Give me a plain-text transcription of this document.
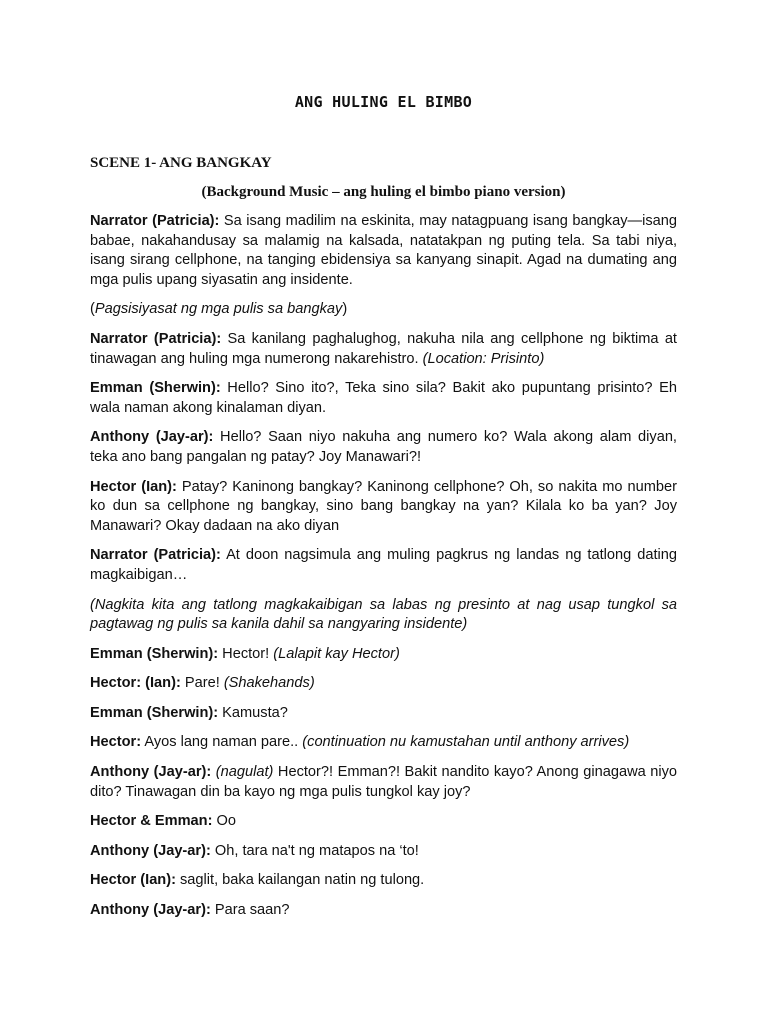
ANG HULING EL BIMBO
SCENE 1- ANG BANGKAY
(Background Music – ang huling el bimbo piano version)

Narrator (Patricia): Sa isang madilim na eskinita, may natagpuang isang bangkay—isang babae, nakahandusay sa malamig na kalsada, natatakpan ng puting tela. Sa tabi niya, isang sirang cellphone, na tanging ebidensiya sa kanyang sinapit. Agad na dumating ang mga pulis upang siyasatin ang insidente.

(Pagsisiyasat ng mga pulis sa bangkay)

Narrator (Patricia): Sa kanilang paghalughog, nakuha nila ang cellphone ng biktima at tinawagan ang huling mga numerong nakarehistro. (Location: Prisinto)

Emman (Sherwin): Hello? Sino ito?, Teka sino sila? Bakit ako pupuntang prisinto? Eh wala naman akong kinalaman diyan.

Anthony (Jay-ar): Hello? Saan niyo nakuha ang numero ko? Wala akong alam diyan, teka ano bang pangalan ng patay? Joy Manawari?!

Hector (Ian): Patay? Kaninong bangkay? Kaninong cellphone? Oh, so nakita mo number ko dun sa cellphone ng bangkay, sino bang bangkay na yan? Kilala ko ba yan? Joy Manawari? Okay dadaan na ako diyan

Narrator (Patricia): At doon nagsimula ang muling pagkrus ng landas ng tatlong dating magkaibigan…

(Nagkita kita ang tatlong magkakaibigan sa labas ng presinto at nag usap tungkol sa pagtawag ng pulis sa kanila dahil sa nangyaring insidente)

Emman (Sherwin): Hector! (Lalapit kay Hector)

Hector: (Ian): Pare! (Shakehands)

Emman (Sherwin): Kamusta?

Hector: Ayos lang naman pare.. (continuation nu kamustahan until anthony arrives)

Anthony (Jay-ar): (nagulat) Hector?! Emman?! Bakit nandito kayo? Anong ginagawa niyo dito? Tinawagan din ba kayo ng mga pulis tungkol kay joy?

Hector & Emman: Oo

Anthony (Jay-ar): Oh, tara na't ng matapos na ‘to!

Hector (Ian): saglit, baka kailangan natin ng tulong.

Anthony (Jay-ar): Para saan?
